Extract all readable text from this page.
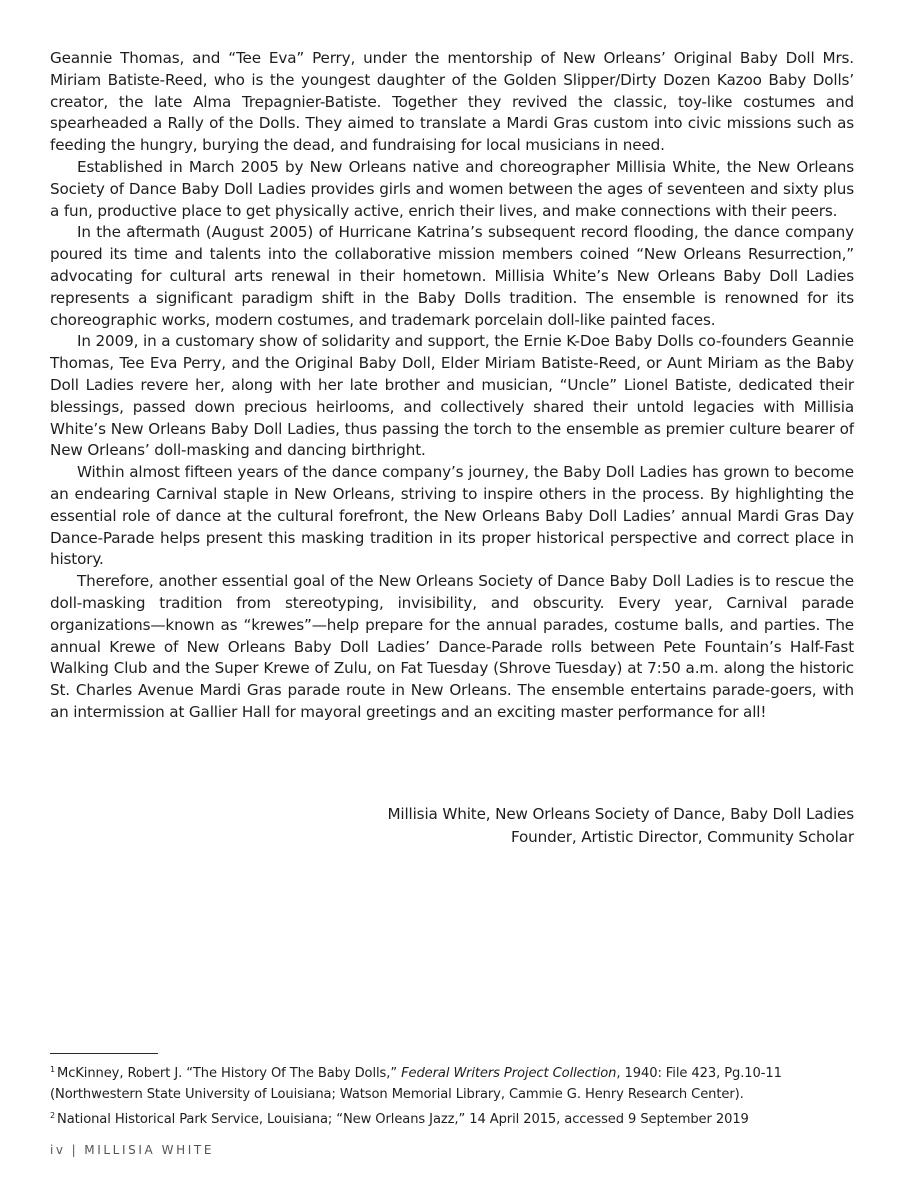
Geannie Thomas, and “Tee Eva” Perry, under the mentorship of New Orleans’ Original Baby Doll Mrs. Miriam Batiste-Reed, who is the youngest daughter of the Golden Slipper/Dirty Dozen Kazoo Baby Dolls’ creator, the late Alma Trepagnier-Batiste. Together they revived the classic, toy-like costumes and spearheaded a Rally of the Dolls. They aimed to translate a Mardi Gras custom into civic missions such as feeding the hungry, burying the dead, and fundraising for local musicians in need.

Established in March 2005 by New Orleans native and choreographer Millisia White, the New Orleans Society of Dance Baby Doll Ladies provides girls and women between the ages of seventeen and sixty plus a fun, productive place to get physically active, enrich their lives, and make connections with their peers.

In the aftermath (August 2005) of Hurricane Katrina’s subsequent record flooding, the dance company poured its time and talents into the collaborative mission members coined “New Orleans Resurrection,” advocating for cultural arts renewal in their hometown. Millisia White’s New Orleans Baby Doll Ladies represents a significant paradigm shift in the Baby Dolls tradition. The ensemble is renowned for its choreographic works, modern costumes, and trademark porcelain doll-like painted faces.

In 2009, in a customary show of solidarity and support, the Ernie K-Doe Baby Dolls co-founders Geannie Thomas, Tee Eva Perry, and the Original Baby Doll, Elder Miriam Batiste-Reed, or Aunt Miriam as the Baby Doll Ladies revere her, along with her late brother and musician, “Uncle” Lionel Batiste, dedicated their blessings, passed down precious heirlooms, and collectively shared their untold legacies with Millisia White’s New Orleans Baby Doll Ladies, thus passing the torch to the ensemble as premier culture bearer of New Orleans’ doll-masking and dancing birthright.

Within almost fifteen years of the dance company’s journey, the Baby Doll Ladies has grown to become an endearing Carnival staple in New Orleans, striving to inspire others in the process. By highlighting the essential role of dance at the cultural forefront, the New Orleans Baby Doll Ladies’ annual Mardi Gras Day Dance-Parade helps present this masking tradition in its proper historical perspective and correct place in history.

Therefore, another essential goal of the New Orleans Society of Dance Baby Doll Ladies is to rescue the doll-masking tradition from stereotyping, invisibility, and obscurity. Every year, Carnival parade organizations—known as “krewes”—help prepare for the annual parades, costume balls, and parties. The annual Krewe of New Orleans Baby Doll Ladies’ Dance-Parade rolls between Pete Fountain’s Half-Fast Walking Club and the Super Krewe of Zulu, on Fat Tuesday (Shrove Tuesday) at 7:50 a.m. along the historic St. Charles Avenue Mardi Gras parade route in New Orleans. The ensemble entertains parade-goers, with an intermission at Gallier Hall for mayoral greetings and an exciting master performance for all!

Millisia White, New Orleans Society of Dance, Baby Doll Ladies
Founder, Artistic Director, Community Scholar

$^1$ McKinney, Robert J. “The History Of The Baby Dolls,” Federal Writers Project Collection, 1940: File 423, Pg.10-11 (Northwestern State University of Louisiana; Watson Memorial Library, Cammie G. Henry Research Center).

$^2$ National Historical Park Service, Louisiana; “New Orleans Jazz,” 14 April 2015, accessed 9 September 2019

iv | MILLISIA WHITE
